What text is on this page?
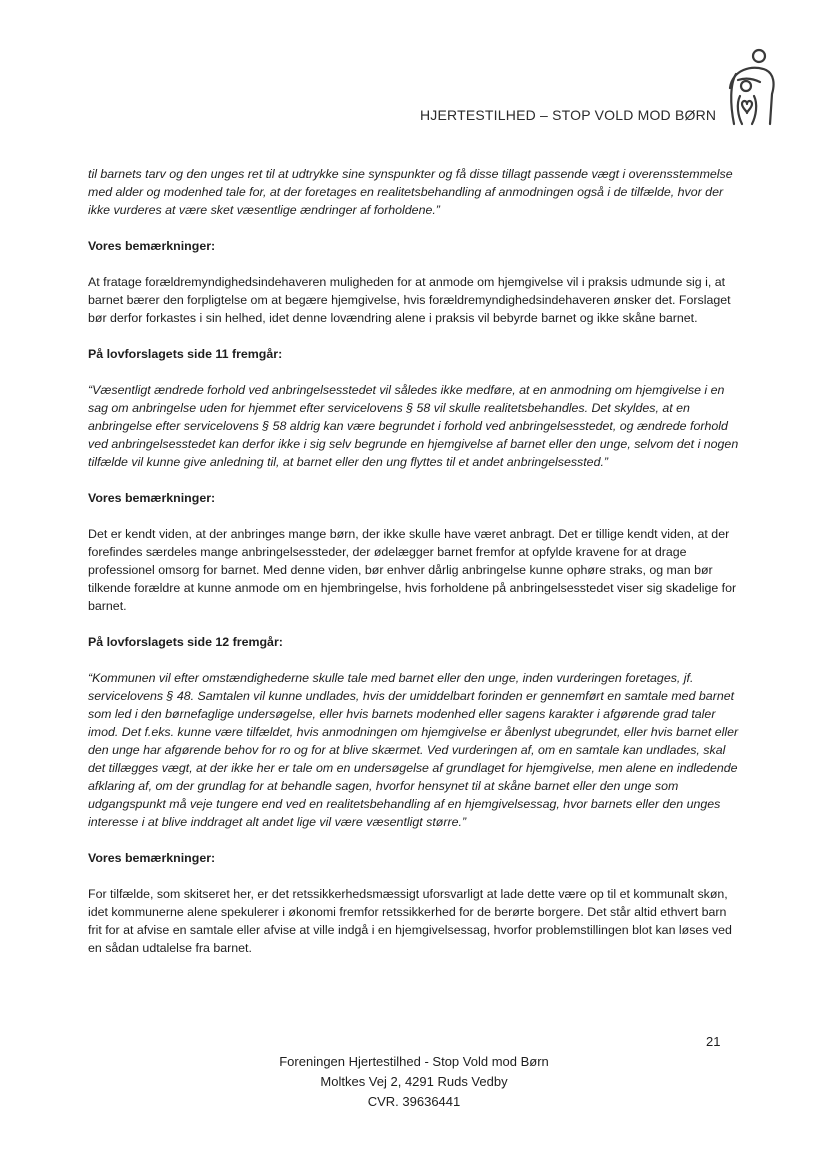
HJERTESTILHED – STOP VOLD MOD BØRN

til barnets tarv og den unges ret til at udtrykke sine synspunkter og få disse tillagt passende vægt i overensstemmelse med alder og modenhed tale for, at der foretages en realitetsbehandling af anmodningen også i de tilfælde, hvor der ikke vurderes at være sket væsentlige ændringer af forholdene.”

Vores bemærkninger:

At fratage forældremyndighedsindehaveren muligheden for at anmode om hjemgivelse vil i praksis udmunde sig i, at barnet bærer den forpligtelse om at begære hjemgivelse, hvis forældremyndighedsindehaveren ønsker det. Forslaget bør derfor forkastes i sin helhed, idet denne lovændring alene i praksis vil bebyrde barnet og ikke skåne barnet.

På lovforslagets side 11 fremgår:

“Væsentligt ændrede forhold ved anbringelsesstedet vil således ikke medføre, at en anmodning om hjemgivelse i en sag om anbringelse uden for hjemmet efter servicelovens § 58 vil skulle realitetsbehandles. Det skyldes, at en anbringelse efter servicelovens § 58 aldrig kan være begrundet i forhold ved anbringelsesstedet, og ændrede forhold ved anbringelsesstedet kan derfor ikke i sig selv begrunde en hjemgivelse af barnet eller den unge, selvom det i nogen tilfælde vil kunne give anledning til, at barnet eller den ung flyttes til et andet anbringelsessted.”

Vores bemærkninger:

Det er kendt viden, at der anbringes mange børn, der ikke skulle have været anbragt. Det er tillige kendt viden, at der forefindes særdeles mange anbringelsessteder, der ødelægger barnet fremfor at opfylde kravene for at drage professionel omsorg for barnet. Med denne viden, bør enhver dårlig anbringelse kunne ophøre straks, og man bør tilkende forældre at kunne anmode om en hjembringelse, hvis forholdene på anbringelsesstedet viser sig skadelige for barnet.

På lovforslagets side 12 fremgår:

“Kommunen vil efter omstændighederne skulle tale med barnet eller den unge, inden vurderingen foretages, jf. servicelovens § 48. Samtalen vil kunne undlades, hvis der umiddelbart forinden er gennemført en samtale med barnet som led i den børnefaglige undersøgelse, eller hvis barnets modenhed eller sagens karakter i afgørende grad taler imod. Det f.eks. kunne være tilfældet, hvis anmodningen om hjemgivelse er åbenlyst ubegrundet, eller hvis barnet eller den unge har afgørende behov for ro og for at blive skærmet. Ved vurderingen af, om en samtale kan undlades, skal det tillægges vægt, at der ikke her er tale om en undersøgelse af grundlaget for hjemgivelse, men alene en indledende afklaring af, om der grundlag for at behandle sagen, hvorfor hensynet til at skåne barnet eller den unge som udgangspunkt må veje tungere end ved en realitetsbehandling af en hjemgivelsessag, hvor barnets eller den unges interesse i at blive inddraget alt andet lige vil være væsentligt større.”

Vores bemærkninger:

For tilfælde, som skitseret her, er det retssikkerhedsmæssigt uforsvarligt at lade dette være op til et kommunalt skøn, idet kommunerne alene spekulerer i økonomi fremfor retssikkerhed for de berørte borgere. Det står altid ethvert barn frit for at afvise en samtale eller afvise at ville indgå i en hjemgivelsessag, hvorfor problemstillingen blot kan løses ved en sådan udtalelse fra barnet.

21
Foreningen Hjertestilhed - Stop Vold mod Børn
Moltkes Vej 2, 4291 Ruds Vedby
CVR. 39636441
